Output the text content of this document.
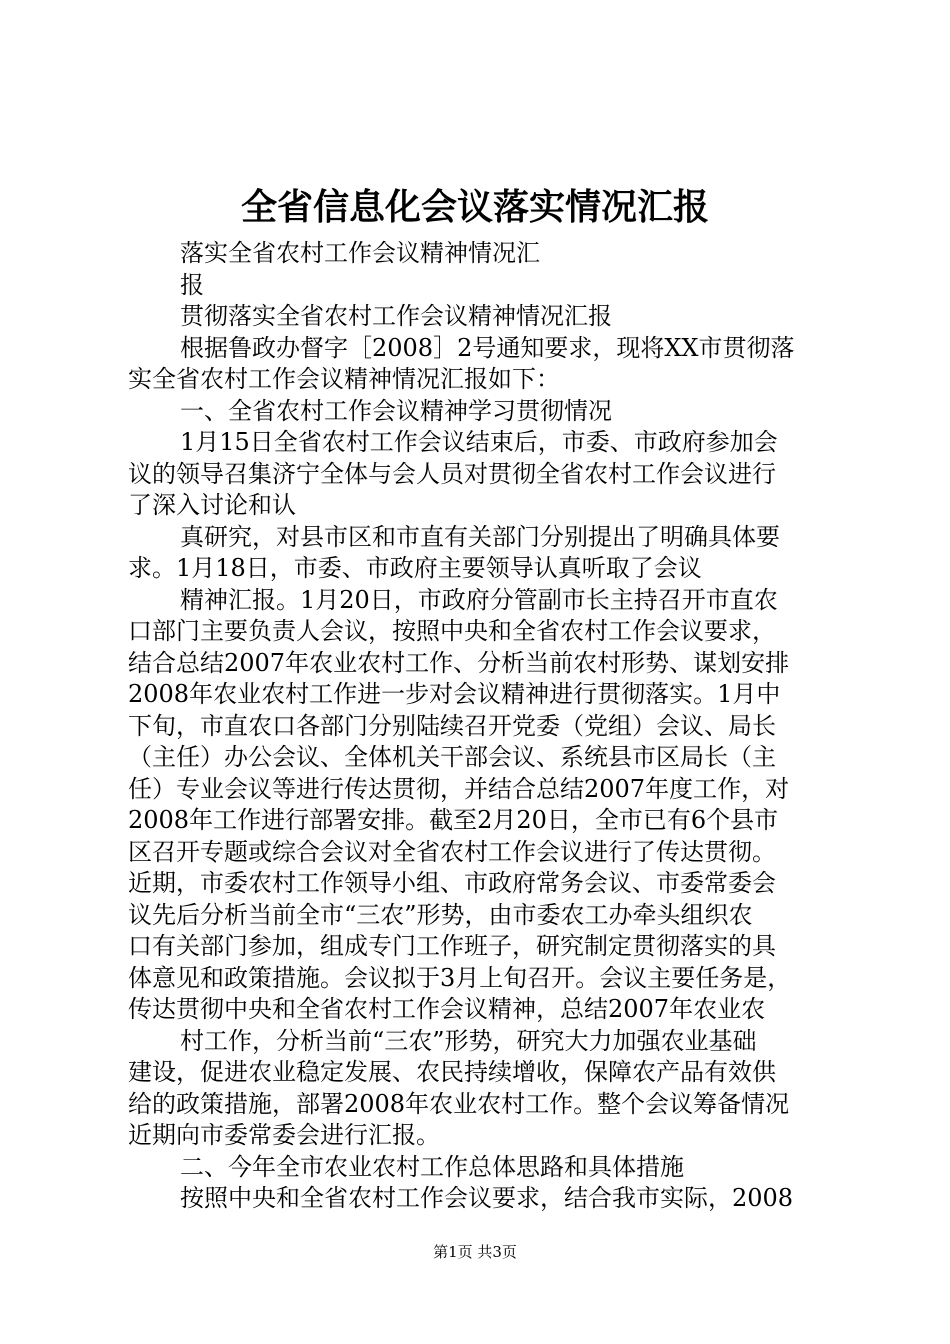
全省信息化会议落实情况汇报

落实全省农村工作会议精神情况汇

报

贯彻落实全省农村工作会议精神情况汇报

根据鲁政办督字［2008］2号通知要求，现将XX市贯彻落

实全省农村工作会议精神情况汇报如下：

一、全省农村工作会议精神学习贯彻情况

1月15日全省农村工作会议结束后，市委、市政府参加会

议的领导召集济宁全体与会人员对贯彻全省农村工作会议进行

了深入讨论和认

真研究，对县市区和市直有关部门分别提出了明确具体要

求。1月18日，市委、市政府主要领导认真听取了会议

精神汇报。1月20日，市政府分管副市长主持召开市直农

口部门主要负责人会议，按照中央和全省农村工作会议要求，

结合总结2007年农业农村工作、分析当前农村形势、谋划安排

2008年农业农村工作进一步对会议精神进行贯彻落实。1月中

下旬，市直农口各部门分别陆续召开党委（党组）会议、局长

（主任）办公会议、全体机关干部会议、系统县市区局长（主

任）专业会议等进行传达贯彻，并结合总结2007年度工作，对

2008年工作进行部署安排。截至2月20日，全市已有6个县市

区召开专题或综合会议对全省农村工作会议进行了传达贯彻。

近期，市委农村工作领导小组、市政府常务会议、市委常委会

议先后分析当前全市“三农”形势，由市委农工办牵头组织农

口有关部门参加，组成专门工作班子，研究制定贯彻落实的具

体意见和政策措施。会议拟于3月上旬召开。会议主要任务是，

传达贯彻中央和全省农村工作会议精神，总结2007年农业农

村工作，分析当前“三农”形势，研究大力加强农业基础

建设，促进农业稳定发展、农民持续增收，保障农产品有效供

给的政策措施，部署2008年农业农村工作。整个会议筹备情况

近期向市委常委会进行汇报。

二、今年全市农业农村工作总体思路和具体措施

按照中央和全省农村工作会议要求，结合我市实际，2008

第1页 共3页
